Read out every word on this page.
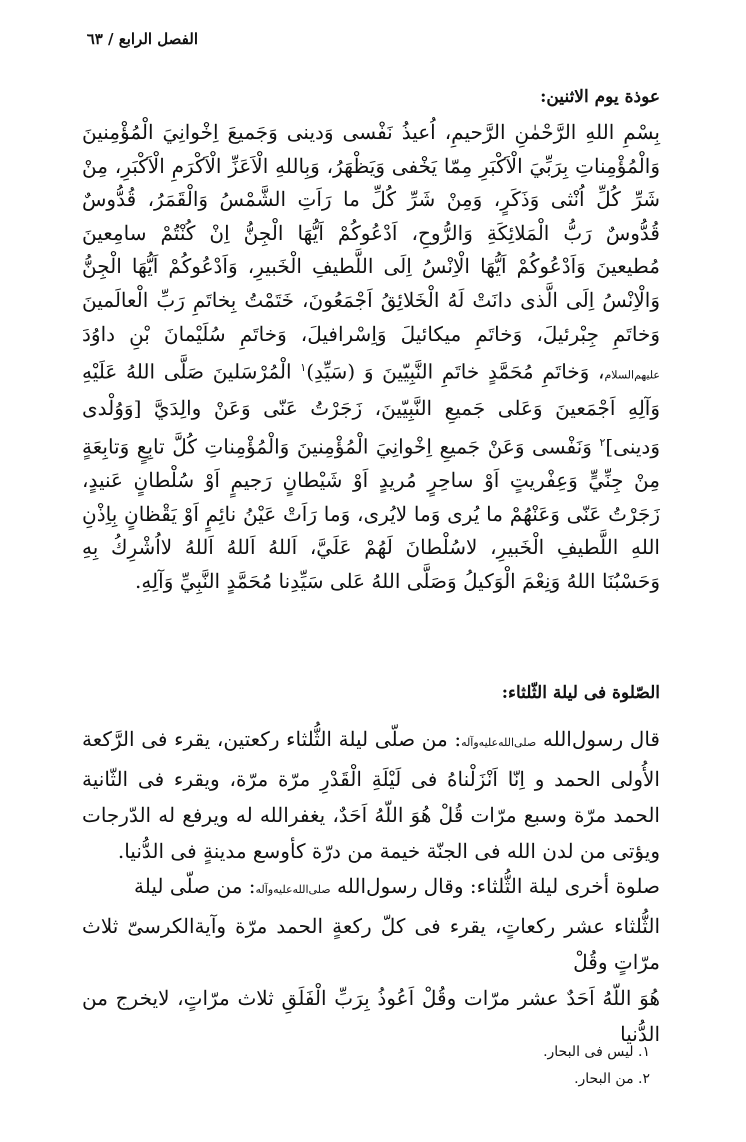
الفصل الرابع / ٦٣
عوذة يوم الاثنين:
بِسْمِ اللهِ الرَّحْمٰنِ الرَّحيمِ، اُعيذُ نَفْسى وَدينى وَجَميعَ اِخْوانِيَ الْمُؤْمِنينَ وَالْمُؤْمِناتِ بِرَبِّيَ الْاَكْبَرِ مِمّا يَخْفى وَيَظْهَرُ، وَبِاللهِ الْاَعَزِّ الْاَكْرَمِ الْاَكْبَرِ، مِنْ شَرِّ كُلِّ اُنْثى وَذَكَرٍ، وَمِنْ شَرِّ كُلِّ ما رَاَتِ الشَّمْسُ وَالْقَمَرُ، قُدُّوسٌ قُدُّوسٌ رَبُّ الْمَلائِكَةِ وَالرُّوحِ، اَدْعُوكُمْ اَيُّهَا الْجِنُّ اِنْ كُنْتُمْ سامِعينَ مُطيعينَ وَاَدْعُوكُمْ اَيُّهَا الْاِنْسُ اِلَى اللَّطيفِ الْخَبيرِ، وَاَدْعُوكُمْ اَيُّهَا الْجِنُّ وَالْاِنْسُ اِلَى الَّذى دانَتْ لَهُ الْخَلائِقُ اَجْمَعُونَ، خَتَمْتُ بِخاتَمِ رَبِّ الْعالَمينَ وَخاتَمِ جِبْرئيلَ، وَخاتَمِ ميكائيلَ وَاِسْرافيلَ، وَخاتَمِ سُلَيْمانَ بْنِ داوُدَ عليهم‌السلام، وَخاتَمِ مُحَمَّدٍ خاتَمِ النَّبِيّينَ وَ (سَيِّدِ)$^١$ الْمُرْسَلينَ صَلَّى اللهُ عَلَيْهِ وَآلِهِ اَجْمَعينَ وَعَلى جَميعِ النَّبِيّينَ، زَجَرْتُ عَنّى وَعَنْ والِدَيَّ [وَوُلْدى وَدينى]$^٢$ وَنَفْسى وَعَنْ جَميعِ اِخْوانِيَ الْمُؤْمِنينَ وَالْمُؤْمِناتِ كُلَّ تابِعٍ وَتابِعَةٍ مِنْ جِنِّيٍّ وَعِفْريتٍ اَوْ ساحِرٍ مُريدٍ اَوْ شَيْطانٍ رَجيمٍ اَوْ سُلْطانٍ عَنيدٍ، زَجَرْتُ عَنّى وَعَنْهُمْ ما يُرى وَما لايُرى، وَما رَاَتْ عَيْنُ نائِمٍ اَوْ يَقْظانٍ بِاِذْنِ اللهِ اللَّطيفِ الْخَبيرِ، لاسُلْطانَ لَهُمْ عَلَيَّ، اَللهُ اَللهُ اَللهُ لااُشْرِكُ بِهِ وَحَسْبُنَا اللهُ وَنِعْمَ الْوَكيلُ وَصَلَّى اللهُ عَلى سَيِّدِنا مُحَمَّدٍ النَّبِيِّ وَآلِهِ.
الصّلوة فى ليلة الثّلثاء:
قال رسول‌الله صلى‌الله‌عليه‌وآله: من صلّى ليلة الثُّلثاء ركعتين، يقرء فى الرَّكعة الأُولى الحمد و اِنّا اَنْزَلْناهُ فى لَيْلَةِ الْقَدْرِ مرّة مرّة، ويقرء فى الثّانية الحمد مرّة وسبع مرّات قُلْ هُوَ اللّهُ اَحَدٌ، يغفرالله له ويرفع له الدّرجات ويؤتى من لدن الله فى الجنّة خيمة من درّة كأوسع مدينةٍ فى الدُّنيا.
صلوة أخرى ليلة الثُّلثاء: وقال رسول‌الله صلى‌الله‌عليه‌وآله: من صلّى ليلة
الثُّلثاء عشر ركعاتٍ، يقرء فى كلّ ركعةٍ الحمد مرّة وآية‌الكرسىّ ثلاث مرّاتٍ وقُلْ
هُوَ اللّهُ اَحَدٌ عشر مرّات وقُلْ اَعُوذُ بِرَبِّ الْفَلَقِ ثلاث مرّاتٍ، لايخرج من الدُّنيا
١. ليس فى البحار.
٢. من البحار.
